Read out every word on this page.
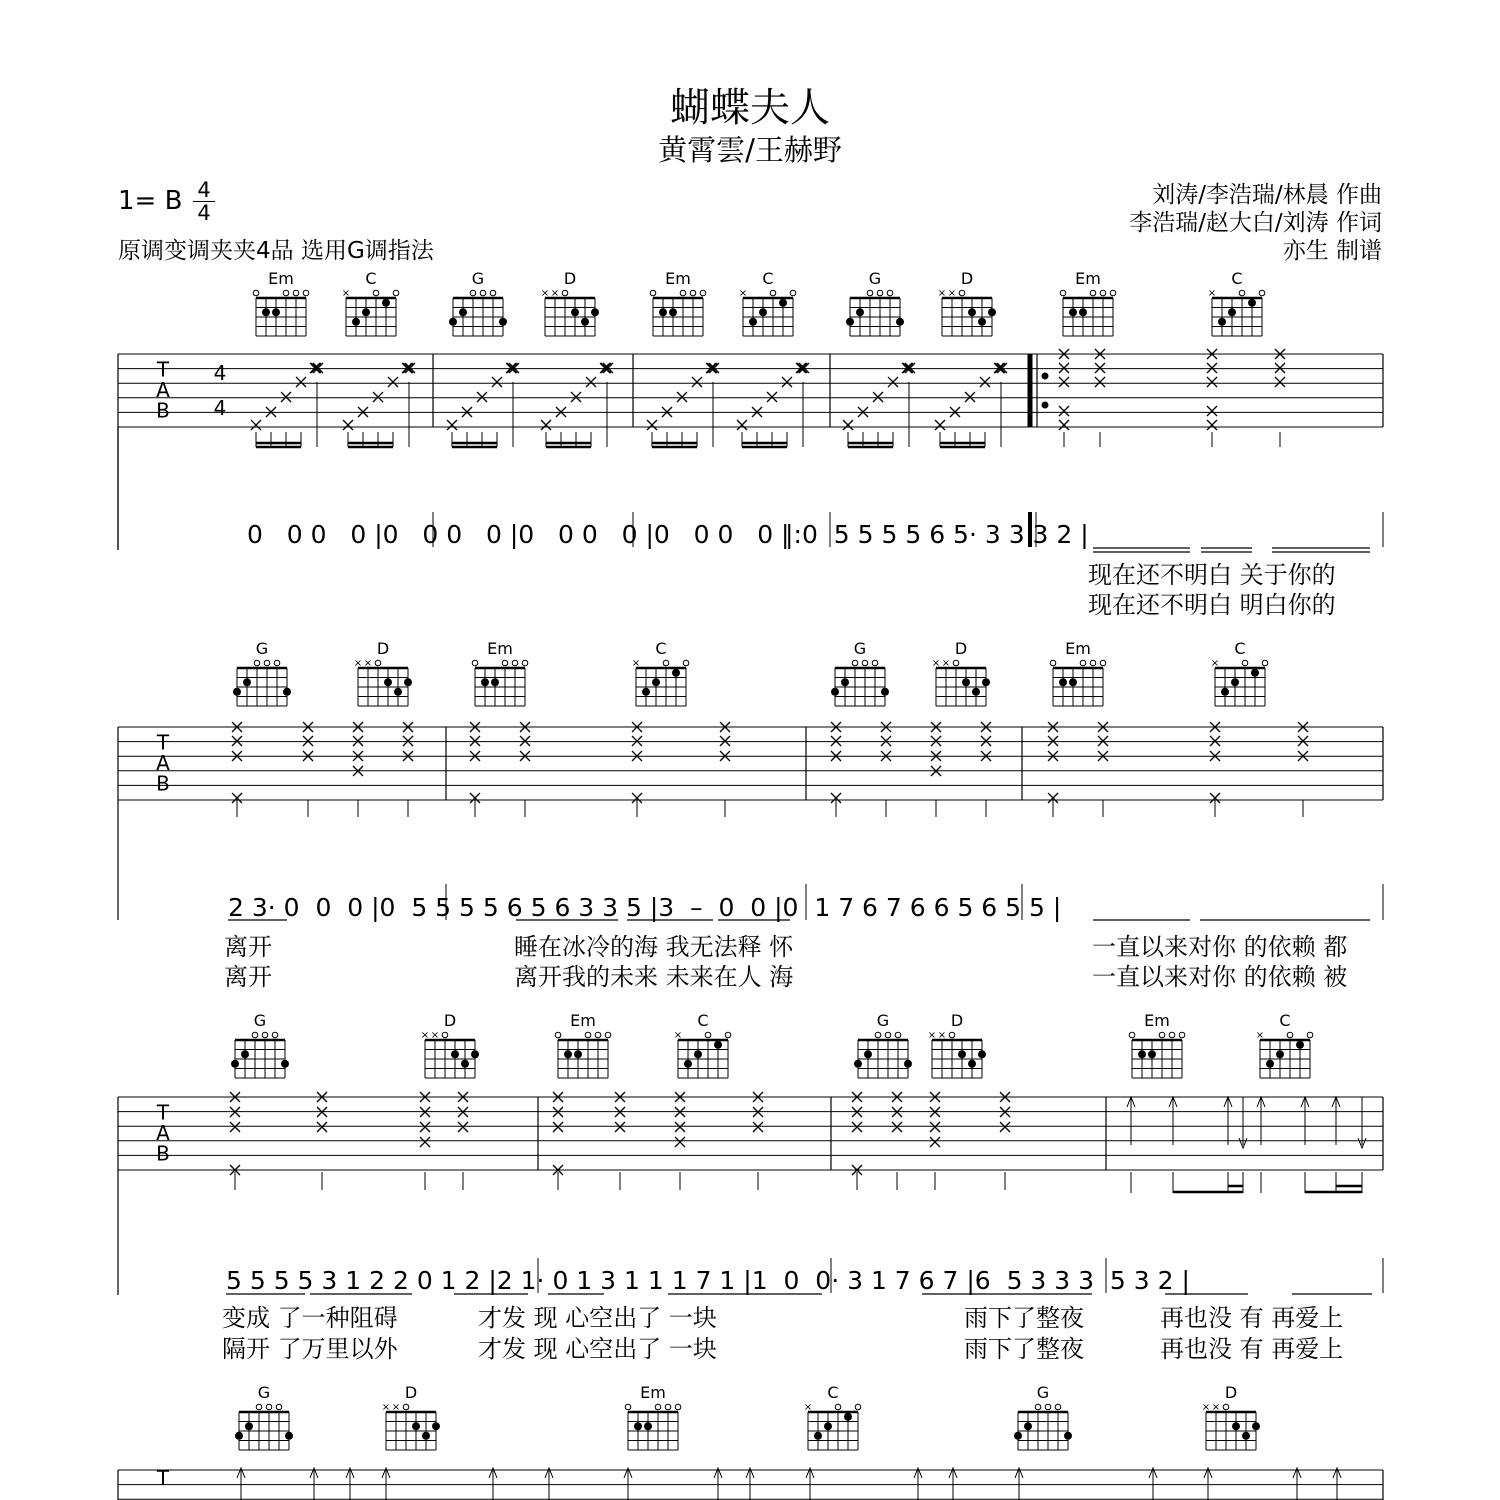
蝴蝶夫人
黄霄雲/王赫野
1= B 4
4
原调变调夹夹4品 选用G调指法
刘涛/李浩瑞/林晨 作曲
李浩瑞/赵大白/刘涛 作词
亦生 制谱
T
A
B
4
4
Em	C
×
G	D
× ×
Em	C
×
G	D
× ×
Em	C
×
T
A
B
G	D
× ×
Em	C
×
G	D
× ×
Em	C
×
T
A
B
G	D
× ×
Em	C
×
G	D
× ×
Em	C
×
T
G	D
× ×
Em	C
×
G	D
× ×
0   0 0   0 |0   0 0   0 |0   0 0   0 |0   0 0   0 ‖:0  5 5 5 5 6 5· 3 3 3 2 |
现在还不明白 关于你的
现在还不明白 明白你的
2 3· 0  0  0 |0  5 5 5 5 6 5 6 3 3 5 |3  –  0  0 |0  1 7 6 7 6 6 5 6 5 5 |
离开	睡在冰冷的海 我无法释 怀	一直以来对你 的依赖 都
离开	离开我的未来 未来在人 海	一直以来对你 的依赖 被
5 5 5 5 3 1 2 2 0 1 2 |2 1· 0 1 3 1 1 1 7 1 |1  0  0· 3 1 7 6 7 |6  5 3 3 3  5 3 2 |
变成 了一种阻碍	才发 现 心空出了 一块	雨下了整夜	再也没 有 再爱上
隔开 了万里以外	才发 现 心空出了 一块	雨下了整夜	再也没 有 再爱上
